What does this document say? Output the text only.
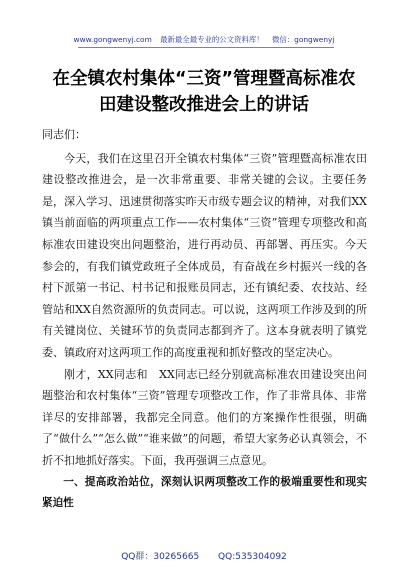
www.gongwenyj.com 最新最全最专业的公文资料库！ 微信：gongwenyj
在全镇农村集体“三资”管理暨高标准农
田建设整改推进会上的讲话

同志们：

今天，我们在这里召开全镇农村集体“三资”管理暨高标准农田建设整改推进会，是一次非常重要、非常关键的会议。主要任务是，深入学习、迅速贯彻落实昨天市级专题会议的精神，对我们XX镇当前面临的两项重点工作——农村集体“三资”管理专项整改和高标准农田建设突出问题整治，进行再动员、再部署、再压实。今天参会的，有我们镇党政班子全体成员，有奋战在乡村振兴一线的各村下派第一书记、村书记和报账员同志，还有镇纪委、农技站、经管站和XX自然资源所的负责同志。可以说，这两项工作涉及到的所有关键岗位、关键环节的负责同志都到齐了。这本身就表明了镇党委、镇政府对这两项工作的高度重视和抓好整改的坚定决心。

刚才，XX同志和　XX同志已经分别就高标准农田建设突出问题整治和农村集体“三资”管理专项整改工作，作了非常具体、非常详尽的安排部署，我都完全同意。他们的方案操作性很强，明确了“做什么”“怎么做”“谁来做”的问题，希望大家务必认真领会，不折不扣地抓好落实。下面，我再强调三点意见。

一、提高政治站位，深刻认识两项整改工作的极端重要性和现实紧迫性

QQ群：30265665 QQ:535304092
